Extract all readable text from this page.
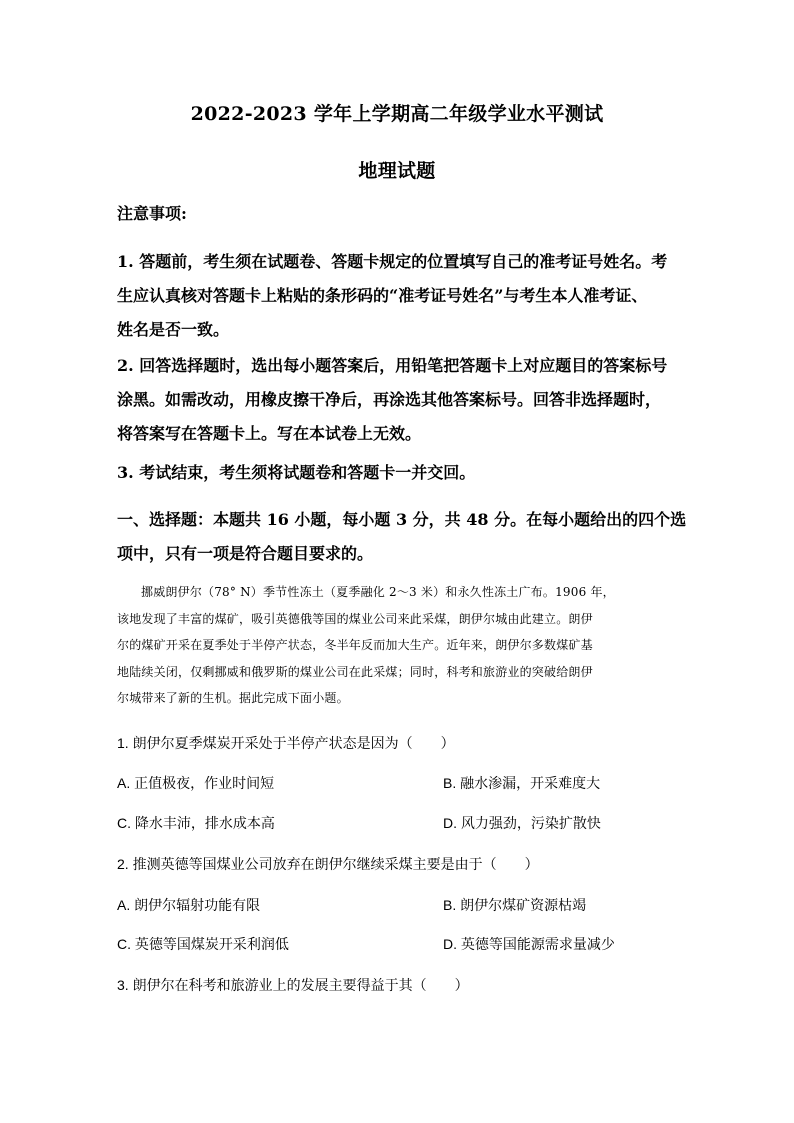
2022-2023 学年上学期高二年级学业水平测试
地理试题
注意事项:
1. 答题前，考生须在试题卷、答题卡规定的位置填写自己的准考证号姓名。考
生应认真核对答题卡上粘贴的条形码的“准考证号姓名”与考生本人准考证、
姓名是否一致。
2. 回答选择题时，选出每小题答案后，用铅笔把答题卡上对应题目的答案标号
涂黑。如需改动，用橡皮擦干净后，再涂选其他答案标号。回答非选择题时，
将答案写在答题卡上。写在本试卷上无效。
3. 考试结束，考生须将试题卷和答题卡一并交回。
一、选择题：本题共 16 小题，每小题 3 分，共 48 分。在每小题给出的四个选
项中，只有一项是符合题目要求的。
挪威朗伊尔（78° N）季节性冻土（夏季融化 2～3 米）和永久性冻土广布。1906 年，
该地发现了丰富的煤矿，吸引英德俄等国的煤业公司来此采煤，朗伊尔城由此建立。朗伊
尔的煤矿开采在夏季处于半停产状态，冬半年反而加大生产。近年来，朗伊尔多数煤矿基
地陆续关闭，仅剩挪威和俄罗斯的煤业公司在此采煤；同时，科考和旅游业的突破给朗伊
尔城带来了新的生机。据此完成下面小题。
1. 朗伊尔夏季煤炭开采处于半停产状态是因为（　　）
A. 正值极夜，作业时间短	B. 融水渗漏，开采难度大
C. 降水丰沛，排水成本高	D. 风力强劲，污染扩散快
2. 推测英德等国煤业公司放弃在朗伊尔继续采煤主要是由于（　　）
A. 朗伊尔辐射功能有限	B. 朗伊尔煤矿资源枯竭
C. 英德等国煤炭开采利润低	D. 英德等国能源需求量减少
3. 朗伊尔在科考和旅游业上的发展主要得益于其（　　）
